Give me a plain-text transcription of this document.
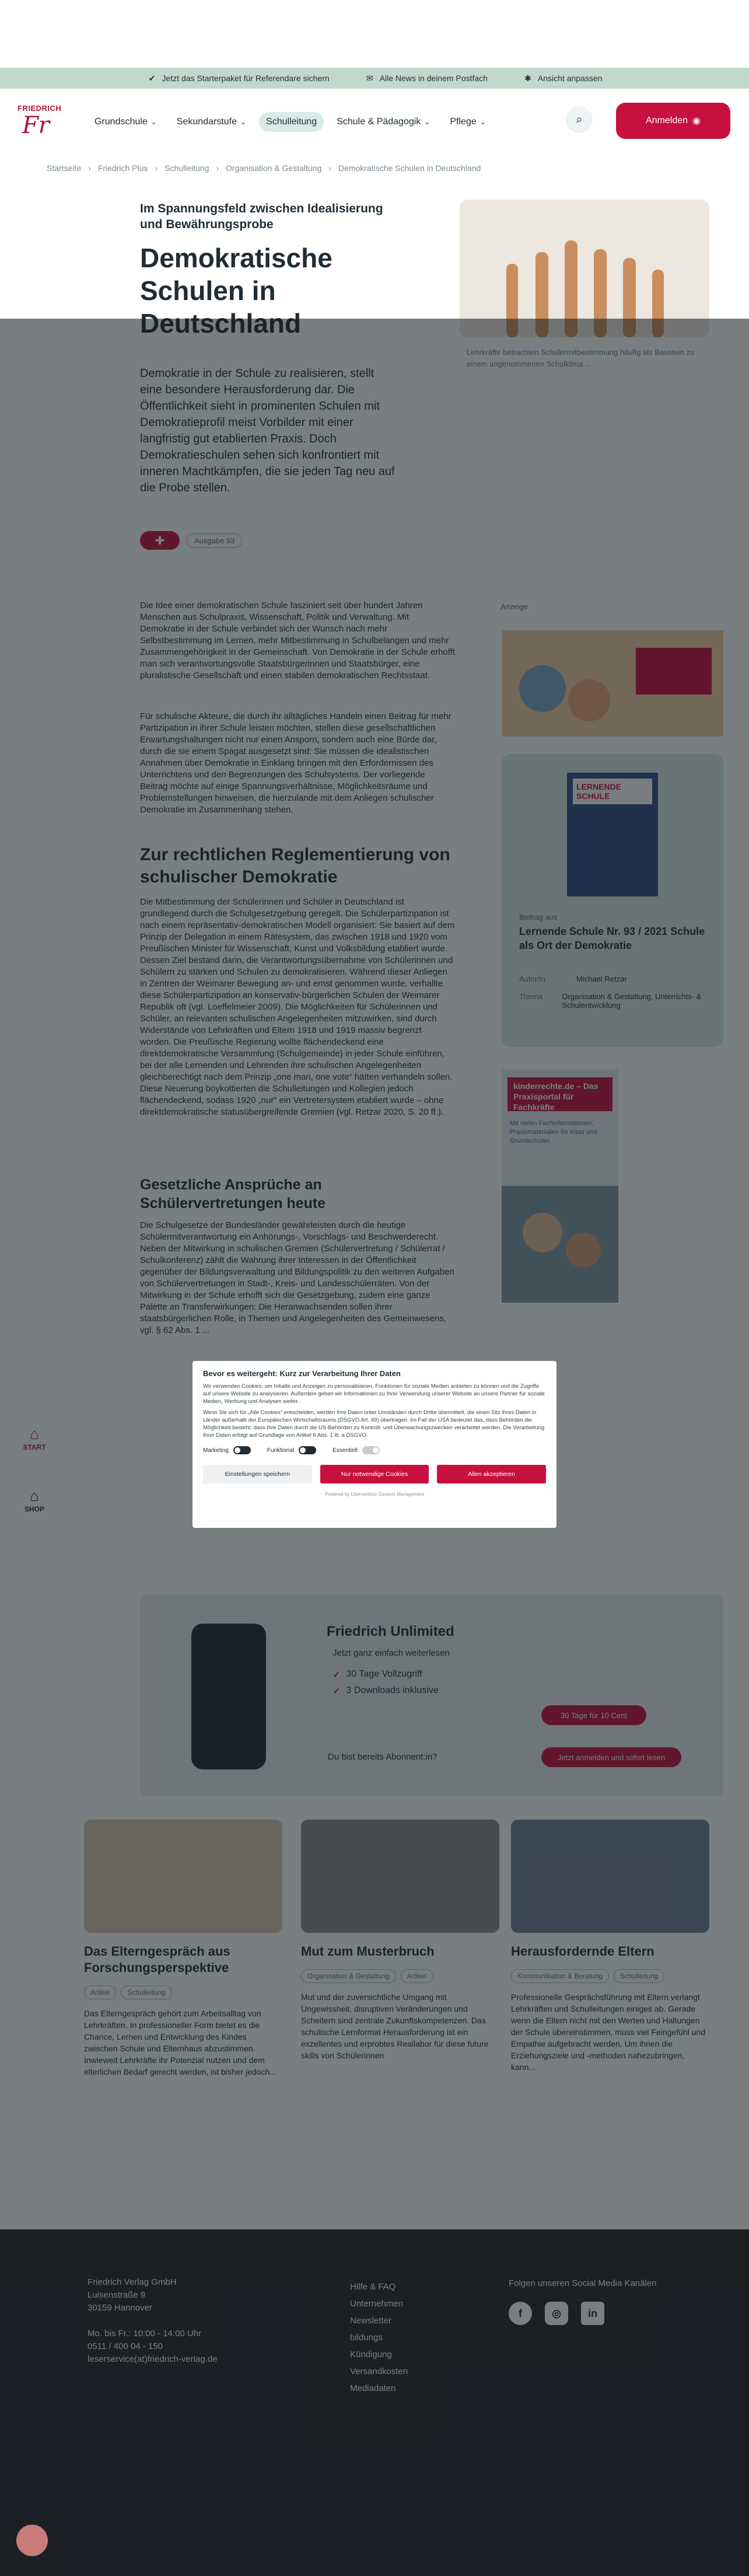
✔ Jetzt das Starterpaket für Referendare sichern	✉ Alle News in deinem Postfach	✱ Ansicht anpassen
FRIEDRICH
Fr	Grundschule ⌄ Sekundarstufe ⌄ Schulleitung Schule & Pädagogik ⌄ Pflege ⌄	⌕	Anmelden ◉
Startseite › Friedrich Plus › Schulleitung › Organisation & Gestaltung › Demokratische Schulen in Deutschland
Im Spannungsfeld zwischen Idealisierung und Bewährungsprobe
Demokratische Schulen in

Bevor es weitergeht: Kurz zur Verarbeitung Ihrer Daten
Wir verwenden Cookies, um Inhalte und Anzeigen zu personalisieren, Funktionen für soziale Medien anbieten zu können und die Zugriffe auf unsere Website zu analysieren. Außerdem geben wir Informationen zu Ihrer Verwendung unserer Website an unsere Partner für soziale Medien, Werbung und Analysen weiter.
Wenn Sie sich für „Alle Cookies“ entscheiden, werden Ihre Daten unter Umständen durch Dritte übermittelt, die einen Sitz ihres Daten in Länder außerhalb der Europäischen Wirtschaftsraums (DSGVO Art. 49) übertragen. Im Fall der USA bedeutet das, dass Behörden die Möglichkeit besteht, dass Ihre Daten durch die US-Behörden zu Kontroll- und Überwachungszwecken verarbeitet werden. Die Verarbeitung Ihrer Daten erfolgt auf Grundlage von Artikel 6 Abs. 1 lit. a DSGVO.
Marketing	Funktional	Essentiell
Einstellungen speichern	Nur notwendige Cookies	Allen akzeptieren
Powered by Usercentrics Consent Management
